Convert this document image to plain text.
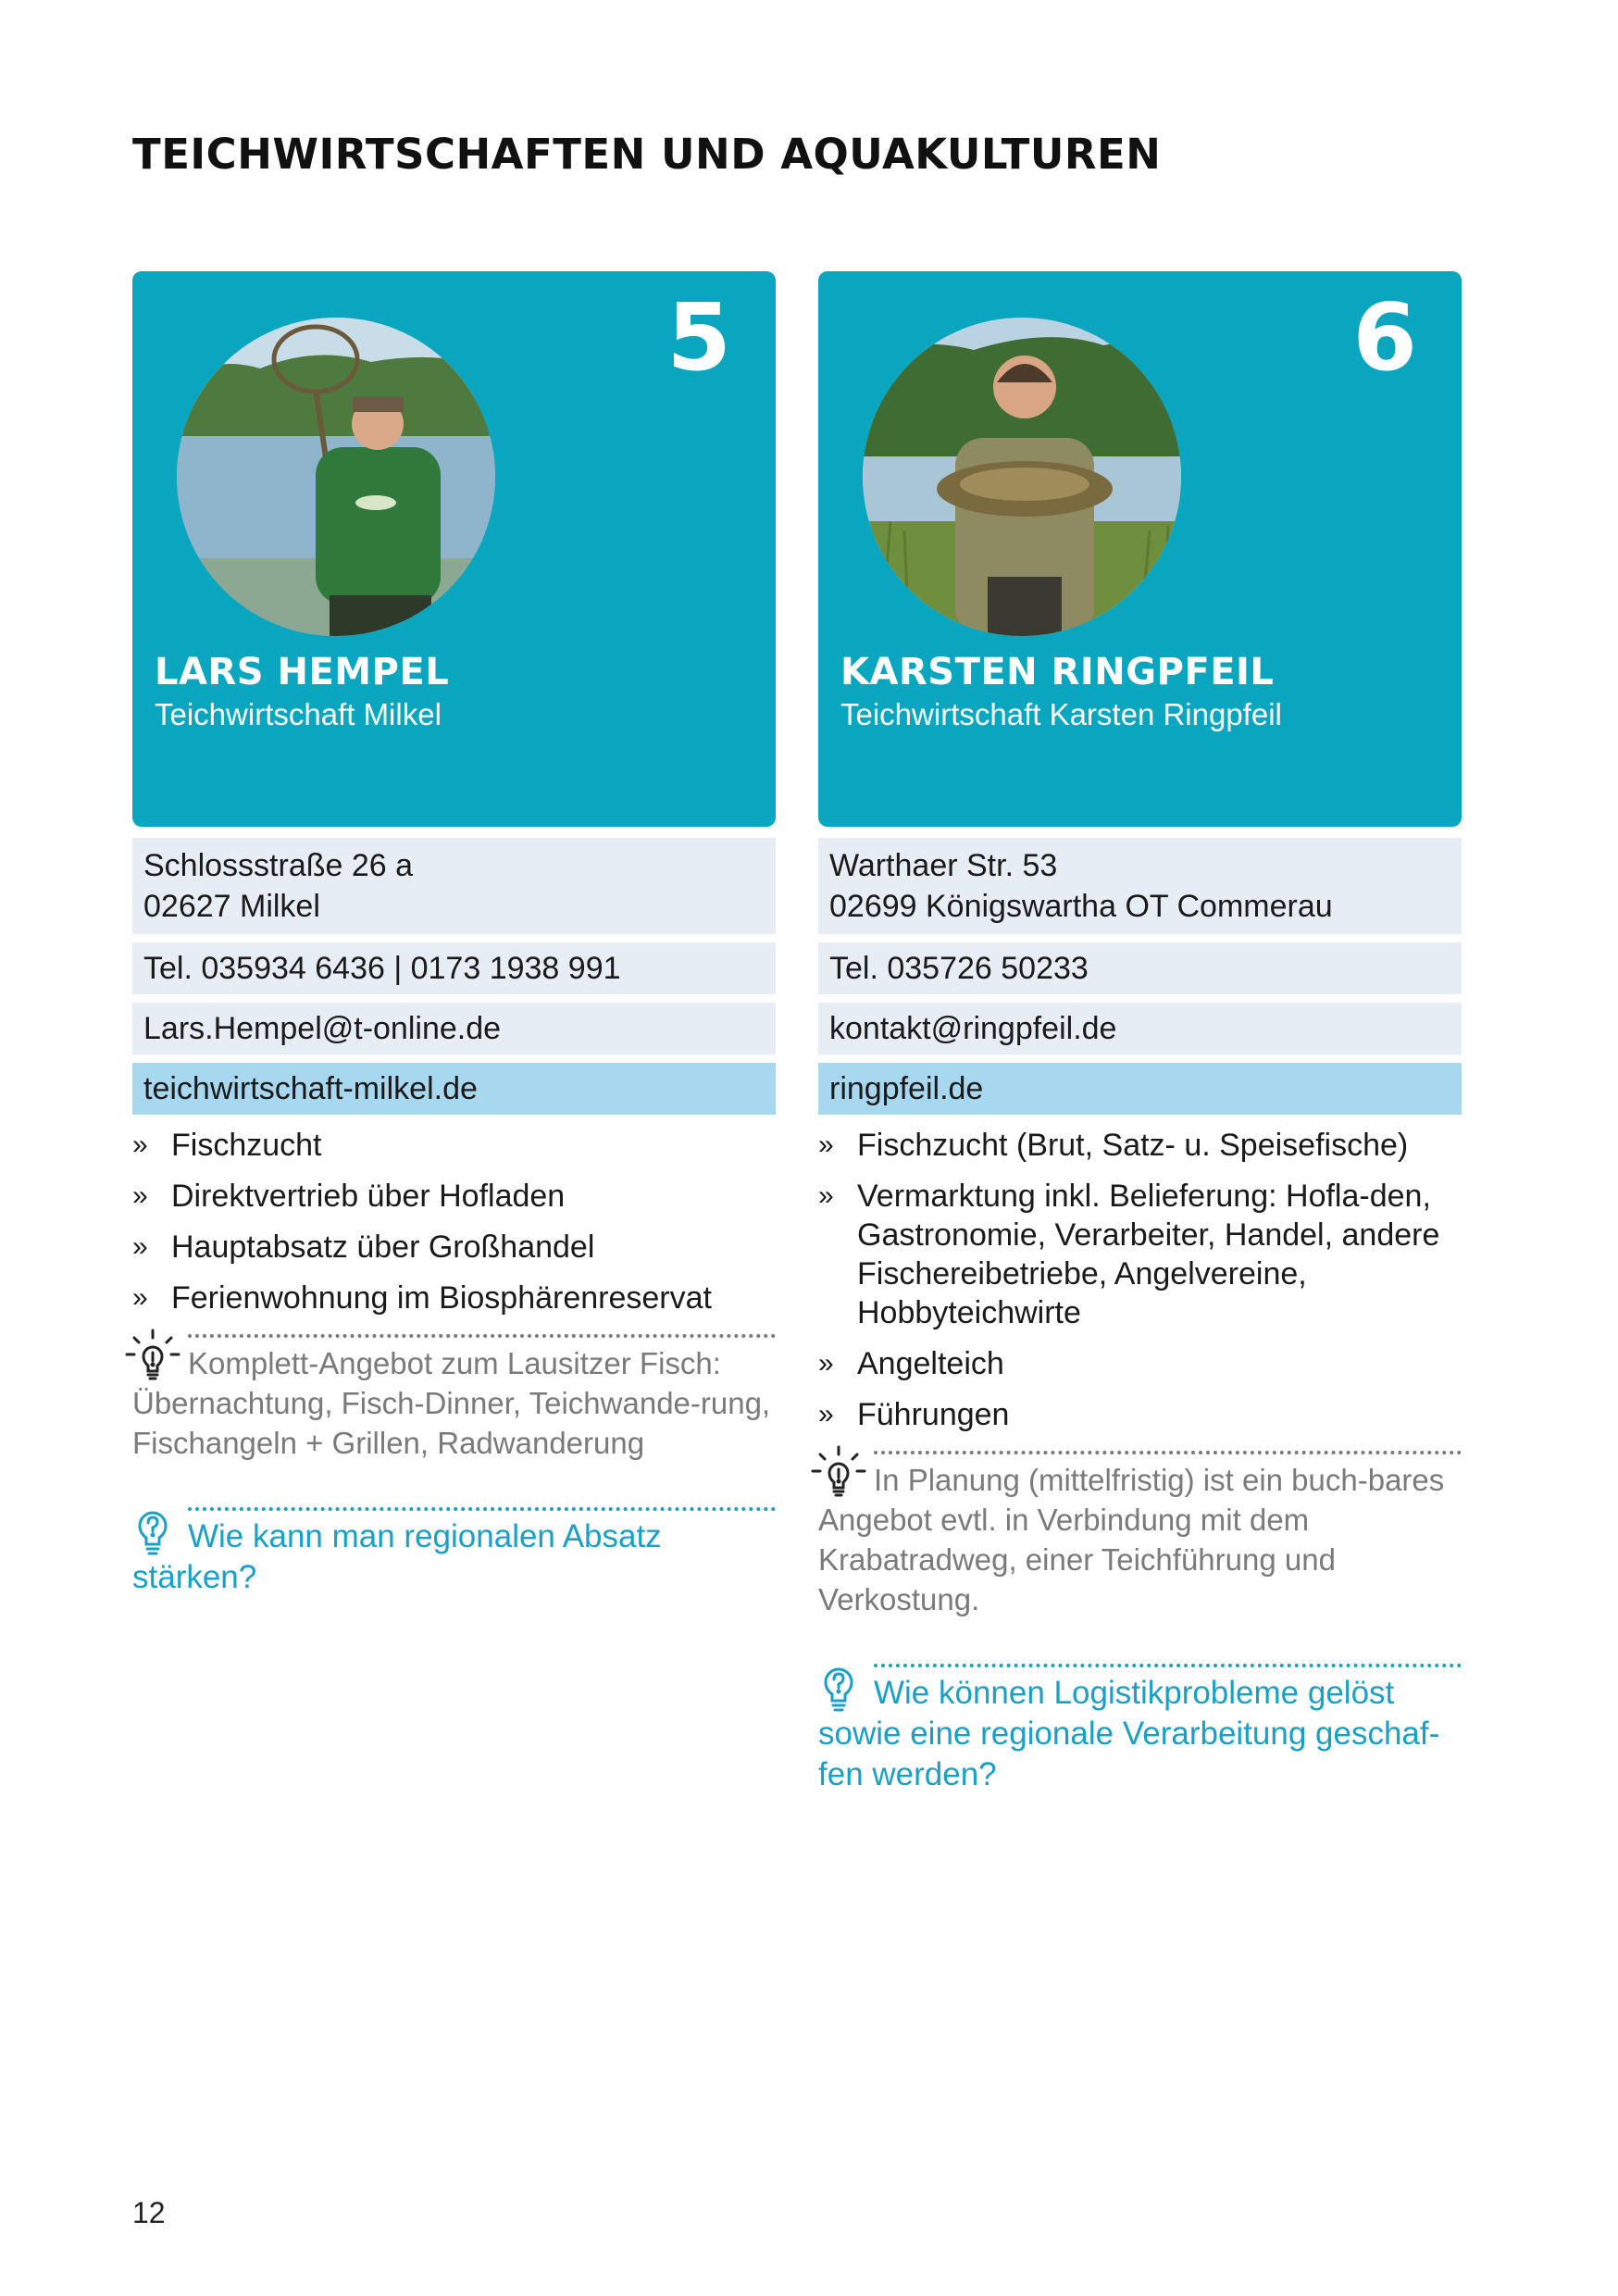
TEICHWIRTSCHAFTEN UND AQUAKULTUREN
5
LARS HEMPEL
Teichwirtschaft Milkel
Schlossstraße 26 a
02627 Milkel
Tel. 035934 6436 | 0173 1938 991
Lars.Hempel@t-online.de
teichwirtschaft-milkel.de
» Fischzucht
» Direktvertrieb über Hofladen
» Hauptabsatz über Großhandel
» Ferienwohnung im Biosphärenreservat
Komplett-Angebot zum Lausitzer Fisch: Übernachtung, Fisch-Dinner, Teichwande-rung, Fischangeln + Grillen, Radwanderung
Wie kann man regionalen Absatz stärken?
6
KARSTEN RINGPFEIL
Teichwirtschaft Karsten Ringpfeil
Warthaer Str. 53
02699 Königswartha OT Commerau
Tel. 035726 50233
kontakt@ringpfeil.de
ringpfeil.de
» Fischzucht (Brut, Satz- u. Speisefische)
» Vermarktung inkl. Belieferung: Hofla-den, Gastronomie, Verarbeiter, Handel, andere Fischereibetriebe, Angelvereine, Hobbyteichwirte
» Angelteich
» Führungen
In Planung (mittelfristig) ist ein buch-bares Angebot evtl. in Verbindung mit dem Krabatradweg, einer Teichführung und Verkostung.
Wie können Logistikprobleme gelöst sowie eine regionale Verarbeitung geschaf-fen werden?
12
